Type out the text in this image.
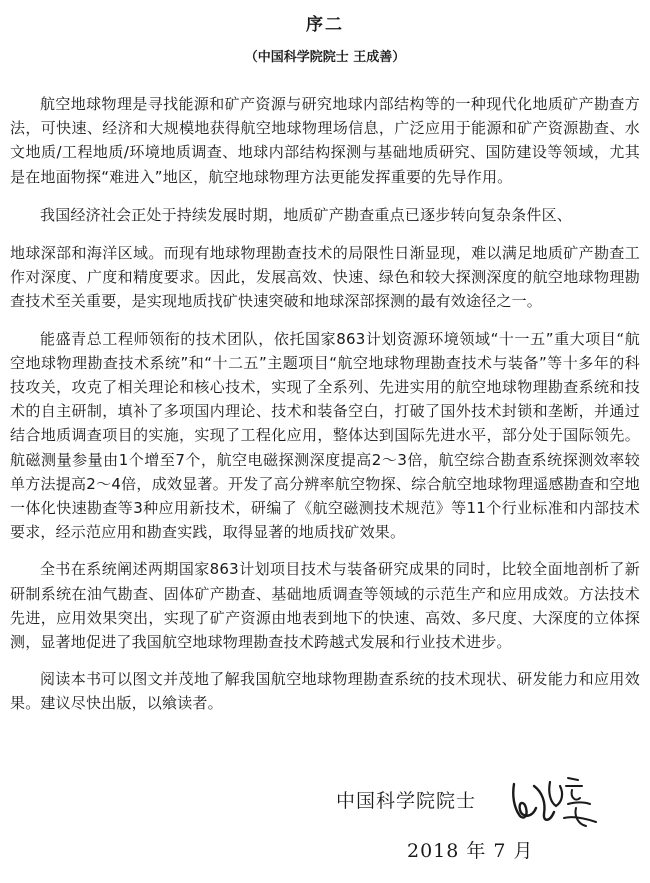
序二
（中国科学院院士 王成善）

航空地球物理是寻找能源和矿产资源与研究地球内部结构等的一种现代化地质矿产勘查方法，可快速、经济和大规模地获得航空地球物理场信息，广泛应用于能源和矿产资源勘查、水文地质/工程地质/环境地质调查、地球内部结构探测与基础地质研究、国防建设等领域，尤其是在地面物探“难进入”地区，航空地球物理方法更能发挥重要的先导作用。

我国经济社会正处于持续发展时期，地质矿产勘查重点已逐步转向复杂条件区、

地球深部和海洋区域。而现有地球物理勘查技术的局限性日渐显现，难以满足地质矿产勘查工作对深度、广度和精度要求。因此，发展高效、快速、绿色和较大探测深度的航空地球物理勘查技术至关重要，是实现地质找矿快速突破和地球深部探测的最有效途径之一。

能盛青总工程师领衔的技术团队，依托国家863计划资源环境领域“十一五”重大项目“航空地球物理勘查技术系统”和“十二五”主题项目“航空地球物理勘查技术与装备”等十多年的科技攻关，攻克了相关理论和核心技术，实现了全系列、先进实用的航空地球物理勘查系统和技术的自主研制，填补了多项国内理论、技术和装备空白，打破了国外技术封锁和垄断，并通过结合地质调查项目的实施，实现了工程化应用，整体达到国际先进水平，部分处于国际领先。航磁测量参量由1个增至7个，航空电磁探测深度提高2～3倍，航空综合勘查系统探测效率较单方法提高2～4倍，成效显著。开发了高分辨率航空物探、综合航空地球物理遥感勘查和空地一体化快速勘查等3种应用新技术，研编了《航空磁测技术规范》等11个行业标准和内部技术要求，经示范应用和勘查实践，取得显著的地质找矿效果。

全书在系统阐述两期国家863计划项目技术与装备研究成果的同时，比较全面地剖析了新研制系统在油气勘查、固体矿产勘查、基础地质调查等领域的示范生产和应用成效。方法技术先进，应用效果突出，实现了矿产资源由地表到地下的快速、高效、多尺度、大深度的立体探测，显著地促进了我国航空地球物理勘查技术跨越式发展和行业技术进步。

阅读本书可以图文并茂地了解我国航空地球物理勘查系统的技术现状、研发能力和应用效果。建议尽快出版，以飨读者。

中国科学院院士
2018 年 7 月
